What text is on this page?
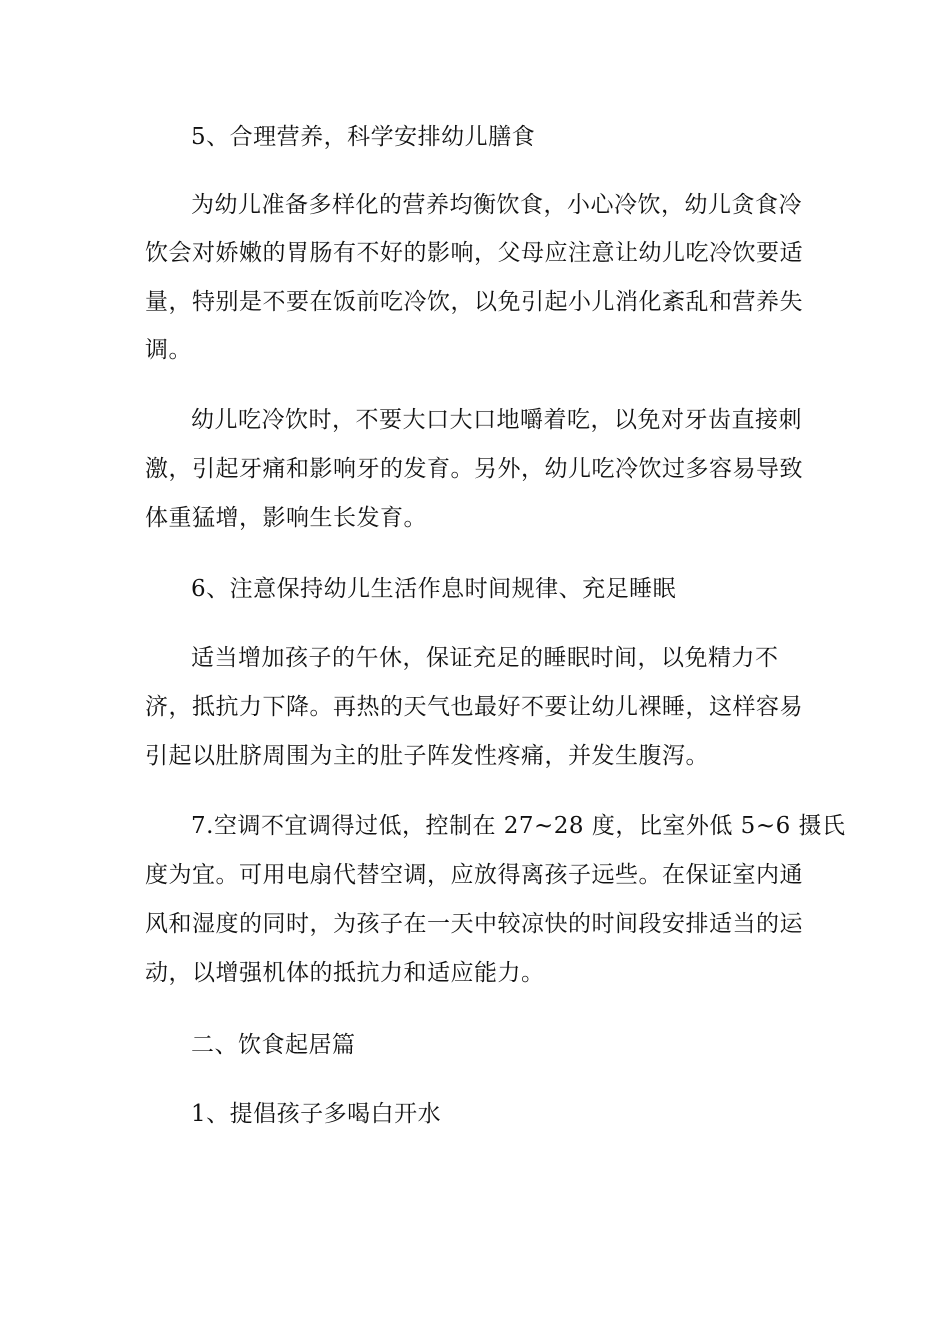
5、合理营养，科学安排幼儿膳食
为幼儿准备多样化的营养均衡饮食，小心冷饮，幼儿贪食冷
饮会对娇嫩的胃肠有不好的影响，父母应注意让幼儿吃冷饮要适
量，特别是不要在饭前吃冷饮，以免引起小儿消化紊乱和营养失
调。
幼儿吃冷饮时，不要大口大口地嚼着吃，以免对牙齿直接刺
激，引起牙痛和影响牙的发育。另外，幼儿吃冷饮过多容易导致
体重猛增，影响生长发育。
6、注意保持幼儿生活作息时间规律、充足睡眠
适当增加孩子的午休，保证充足的睡眠时间，以免精力不
济，抵抗力下降。再热的天气也最好不要让幼儿裸睡，这样容易
引起以肚脐周围为主的肚子阵发性疼痛，并发生腹泻。
7.空调不宜调得过低，控制在 27~28 度，比室外低 5~6 摄氏
度为宜。可用电扇代替空调，应放得离孩子远些。在保证室内通
风和湿度的同时，为孩子在一天中较凉快的时间段安排适当的运
动，以增强机体的抵抗力和适应能力。
二、饮食起居篇
1、提倡孩子多喝白开水
